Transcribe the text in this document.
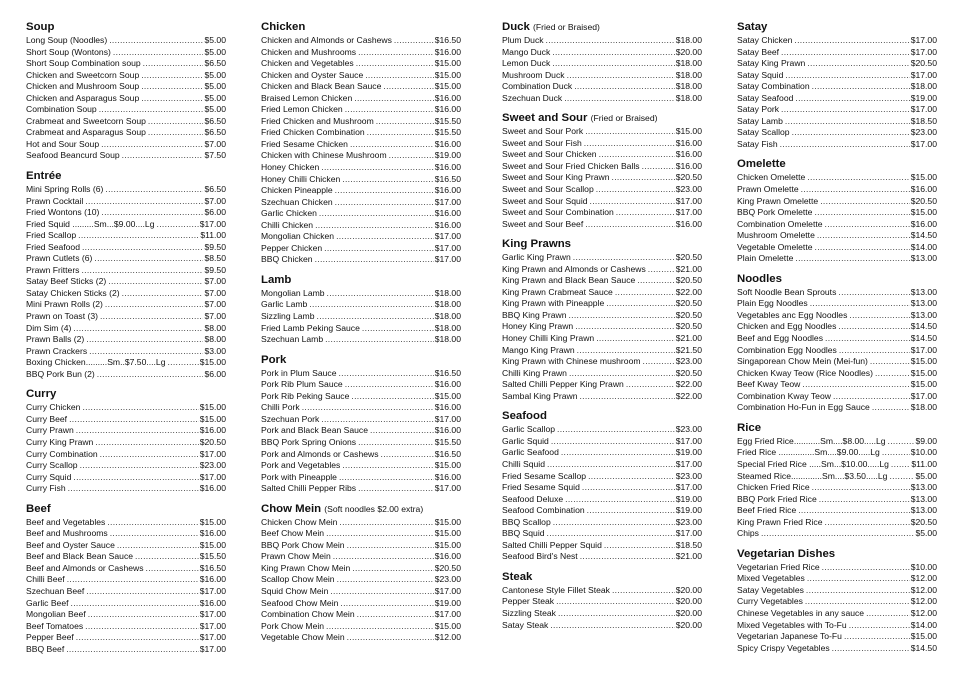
Soup
Long Soup (Noodles) .....	$5.00
Short Soup (Wontons) .....	$5.00
Short Soup Combination soup .....	$6.50
Chicken and Sweetcorn Soup .....	$5.00
Chicken and Mushroom Soup .....	$5.00
Chicken and Asparagus Soup .....	$5.00
Combination Soup .....	$5.00
Crabmeat and Sweetcorn Soup .....	$6.50
Crabmeat and Asparagus Soup .....	$6.50
Hot and Sour Soup .....	$7.00
Seafood Beancurd Soup .....	$7.50
Entrée
Mini Spring Rolls (6) .....	$6.50
Prawn Cocktail .....	$7.00
Fried Wontons (10) .....	$6.00
Fried Squid .........Sm...$9.00....Lg .....	$17.00
Fried Scallop .....	$11.00
Fried Seafood .....	$9.50
Prawn Cutlets (6) .....	$8.50
Prawn Fritters .....	$9.50
Satay Beef Sticks (2) .....	$7.00
Satay Chicken Sticks (2) .....	$7.00
Mini Prawn Rolls (2) .....	$7.00
Prawn on Toast (3) .....	$7.00
Dim Sim (4) .....	$8.00
Prawn Balls (2) .....	$8.00
Prawn Crackers .....	$3.00
Boxing Chicken.........Sm..$7.50....Lg .....	$15.00
BBQ Pork Bun (2) .....	$6.00
Curry
Curry Chicken .....	$15.00
Curry Beef .....	$15.00
Curry Prawn .....	$16.00
Curry King Prawn .....	$20.50
Curry Combination .....	$17.00
Curry Scallop .....	$23.00
Curry Squid .....	$17.00
Curry Fish .....	$16.00
Beef
Beef and Vegetables .....	$15.00
Beef and Mushrooms .....	$16.00
Beef and Oyster Sauce .....	$15.00
Beef and Black Bean Sauce .....	$15.50
Beef and Almonds or Cashews .....	$16.50
Chilli Beef .....	$16.00
Szechuan Beef .....	$17.00
Garlic Beef .....	$16.00
Mongolian Beef .....	$17.00
Beef Tomatoes .....	$17.00
Pepper Beef .....	$17.00
BBQ Beef .....	$17.00
Chicken
Chicken and Almonds or Cashews .....	$16.50
Chicken and Mushrooms .....	$16.00
Chicken and Vegetables .....	$15.00
Chicken and Oyster Sauce .....	$15.00
Chicken and Black Bean Sauce .....	$15.00
Braised Lemon Chicken .....	$16.00
Fried Lemon Chicken .....	$16.00
Fried Chicken and Mushroom .....	$15.50
Fried Chicken Combination .....	$15.50
Fried Sesame Chicken .....	$16.00
Chicken with Chinese Mushroom .....	$19.00
Honey Chicken .....	$16.00
Honey Chilli Chicken .....	$16.50
Chicken Pineapple .....	$16.00
Szechuan Chicken .....	$17.00
Garlic Chicken .....	$16.00
Chilli Chicken .....	$16.00
Mongolian Chicken .....	$17.00
Pepper Chicken .....	$17.00
BBQ Chicken .....	$17.00
Lamb
Mongolian Lamb .....	$18.00
Garlic Lamb .....	$18.00
Sizzling Lamb .....	$18.00
Fried Lamb Peking Sauce .....	$18.00
Szechuan Lamb .....	$18.00
Pork
Pork in Plum Sauce .....	$16.50
Pork Rib Plum Sauce .....	$16.00
Pork Rib Peking Sauce .....	$15.00
Chilli Pork .....	$16.00
Szechuan Pork .....	$17.00
Pork and Black Bean Sauce .....	$16.00
BBQ Pork Spring Onions .....	$15.50
Pork and Almonds or Cashews .....	$16.50
Pork and Vegetables .....	$15.00
Pork with Pineapple .....	$16.00
Salted Chilli Pepper Ribs .....	$17.00
Chow Mein (Soft noodles $2.00 extra)
Chicken Chow Mein .....	$15.00
Beef Chow Mein .....	$15.00
BBQ Pork Chow Mein .....	$15.00
Prawn Chow Mein .....	$16.00
King Prawn Chow Mein .....	$20.50
Scallop Chow Mein .....	$23.00
Squid Chow Mein .....	$17.00
Seafood Chow Mein .....	$19.00
Combination Chow Mein .....	$17.00
Pork Chow Mein .....	$15.00
Vegetable Chow Mein .....	$12.00
Duck (Fried or Braised)
Plum Duck .....	$18.00
Mango Duck .....	$20.00
Lemon Duck .....	$18.00
Mushroom Duck .....	$18.00
Combination Duck .....	$18.00
Szechuan Duck .....	$18.00
Sweet and Sour (Fried or Braised)
Sweet and Sour Pork .....	$15.00
Sweet and Sour Fish .....	$16.00
Sweet and Sour Chicken .....	$16.00
Sweet and Sour Fried Chicken Balls .....	$16.00
Sweet and Sour King Prawn .....	$20.50
Sweet and Sour Scallop .....	$23.00
Sweet and Sour Squid .....	$17.00
Sweet and Sour Combination .....	$17.00
Sweet and Sour Beef .....	$16.00
King Prawns
Garlic King Prawn .....	$20.50
King Prawn and Almonds or Cashews .....	$21.00
King Prawn and Black Bean Sauce .....	$20.50
King Prawn Crabmeat Sauce .....	$22.00
King Prawn with Pineapple .....	$20.50
BBQ King Prawn .....	$20.50
Honey King Prawn .....	$20.50
Honey Chilli King Prawn .....	$21.00
Mango King Prawn .....	$21.50
King Prawn with Chinese mushroom .....	$23.00
Chilli King Prawn .....	$20.50
Salted Chilli Pepper King Prawn .....	$22.00
Sambal King Prawn .....	$22.00
Seafood
Garlic Scallop .....	$23.00
Garlic Squid .....	$17.00
Garlic Seafood .....	$19.00
Chilli Squid .....	$17.00
Fried Sesame Scallop .....	$23.00
Fried Sesame Squid .....	$17.00
Seafood Deluxe .....	$19.00
Seafood Combination .....	$19.00
BBQ Scallop .....	$23.00
BBQ Squid .....	$17.00
Salted Chilli Pepper Squid .....	$18.50
Seafood Bird's Nest .....	$21.00
Steak
Cantonese Style Fillet Steak .....	$20.00
Pepper Steak .....	$20.00
Sizzling Steak .....	$20.00
Satay Steak .....	$20.00
Satay
Satay Chicken .....	$17.00
Satay Beef .....	$17.00
Satay King Prawn .....	$20.50
Satay Squid .....	$17.00
Satay Combination .....	$18.00
Satay Seafood .....	$19.00
Satay Pork .....	$17.00
Satay Lamb .....	$18.50
Satay Scallop .....	$23.00
Satay Fish .....	$17.00
Omelette
Chicken Omelette .....	$15.00
Prawn Omelette .....	$16.00
King Prawn Omelette .....	$20.50
BBQ Pork Omelette .....	$15.00
Combination Omelette .....	$16.00
Mushroom Omelette .....	$14.50
Vegetable Omelette .....	$14.00
Plain Omelette .....	$13.00
Noodles
Soft Noodle Bean Sprouts .....	$13.00
Plain Egg Noodles .....	$13.00
Vegetables anc Egg Noodles .....	$13.00
Chicken and Egg Noodles .....	$14.50
Beef and Egg Noodles .....	$14.50
Combination Egg Noodles .....	$17.00
Singaporean Chow Mein (Mei-fun) .....	$15.00
Chicken Kway Teow (Rice Noodles) .....	$15.00
Beef Kway Teow .....	$15.00
Combination Kway Teow .....	$17.00
Combination Ho-Fun in Egg Sauce .....	$18.00
Rice
Egg Fried Rice...........Sm....$8.00.....Lg .....	$9.00
Fried Rice ...............Sm....$9.00.....Lg .....	$10.00
Special Fried Rice .....Sm...$10.00.....Lg .....	$11.00
Steamed Rice.............Sm....$3.50.....Lg .....	$5.00
Chicken Fried Rice .....	$13.00
BBQ Pork Fried Rice .....	$13.00
Beef Fried Rice .....	$13.00
King Prawn Fried Rice .....	$20.50
Chips .....	$5.00
Vegetarian Dishes
Vegetarian Fried Rice .....	$10.00
Mixed Vegetables .....	$12.00
Satay Vegetables .....	$12.00
Curry Vegetables .....	$12.00
Chinese Vegetables in any sauce .....	$12.00
Mixed Vegetables with To-Fu .....	$14.00
Vegetarian Japanese To-Fu .....	$15.00
Spicy Crispy Vegetables .....	$14.50
